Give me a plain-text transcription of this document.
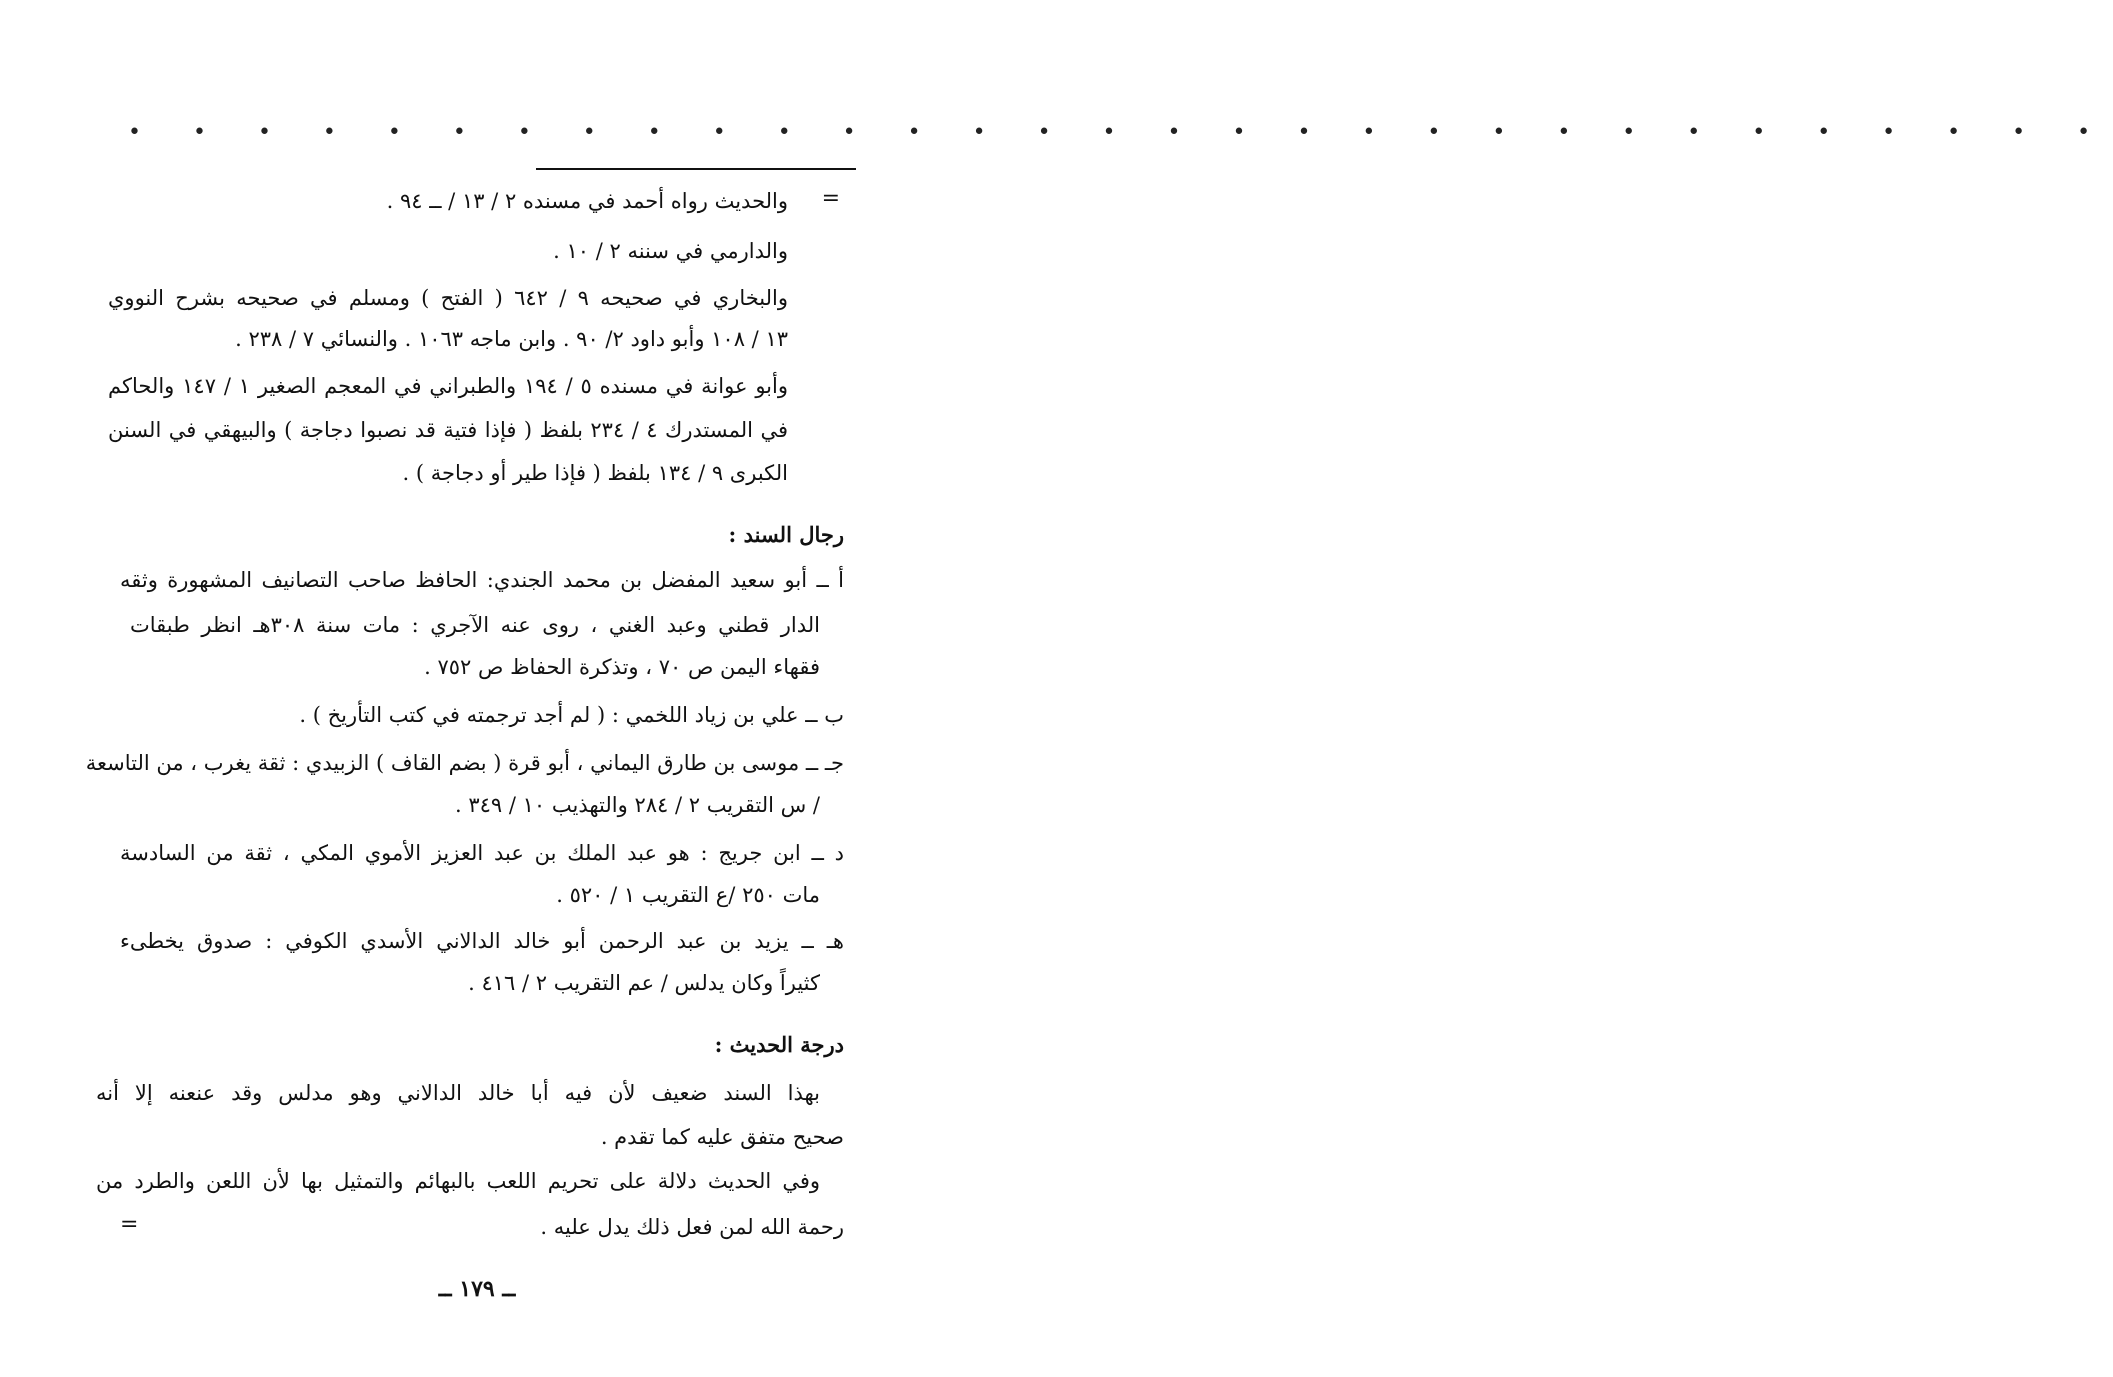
• • • • • • • • • • • • • • • • • • • • • • • • • • • • • • •
=
والحديث رواه أحمد في مسنده ٢ / ١٣ / ــ ٩٤ .
والدارمي في سننه ٢ / ١٠ .
والبخاري في صحيحه ٩ / ٦٤٢ ( الفتح ) ومسلم في صحيحه بشرح النووي
١٣ / ١٠٨ وأبو داود ٢/ ٩٠ . وابن ماجه ١٠٦٣ . والنسائي ٧ / ٢٣٨ .
وأبو عوانة في مسنده ٥ / ١٩٤ والطبراني في المعجم الصغير ١ / ١٤٧ والحاكم
في المستدرك ٤ / ٢٣٤ بلفظ ( فإذا فتية قد نصبوا دجاجة ) والبيهقي في السنن
الكبرى ٩ / ١٣٤ بلفظ ( فإذا طير أو دجاجة ) .
رجال السند :
أ ــ أبو سعيد المفضل بن محمد الجندي: الحافظ صاحب التصانيف المشهورة وثقه
الدار قطني وعبد الغني ، روى عنه الآجري : مات سنة ٣٠٨هـ انظر طبقات
فقهاء اليمن ص ٧٠ ، وتذكرة الحفاظ ص ٧٥٢ .
ب ــ علي بن زياد اللخمي : ( لم أجد ترجمته في كتب التأريخ ) .
جـ ــ موسى بن طارق اليماني ، أبو قرة ( بضم القاف ) الزبيدي : ثقة يغرب ، من التاسعة
/ س التقريب ٢ / ٢٨٤ والتهذيب ١٠ / ٣٤٩ .
د ــ ابن جريج : هو عبد الملك بن عبد العزيز الأموي المكي ، ثقة من السادسة
مات ٢٥٠ /ع التقريب ١ / ٥٢٠ .
هـ ــ يزيد بن عبد الرحمن أبو خالد الدالاني الأسدي الكوفي : صدوق يخطىء
كثيراً وكان يدلس / عم التقريب ٢ / ٤١٦ .
درجة الحديث :
بهذا السند ضعيف لأن فيه أبا خالد الدالاني وهو مدلس وقد عنعنه إلا أنه
صحيح متفق عليه كما تقدم .
وفي الحديث دلالة على تحريم اللعب بالبهائم والتمثيل بها لأن اللعن والطرد من
رحمة الله لمن فعل ذلك يدل عليه .
=
ــ ١٧٩ ــ
